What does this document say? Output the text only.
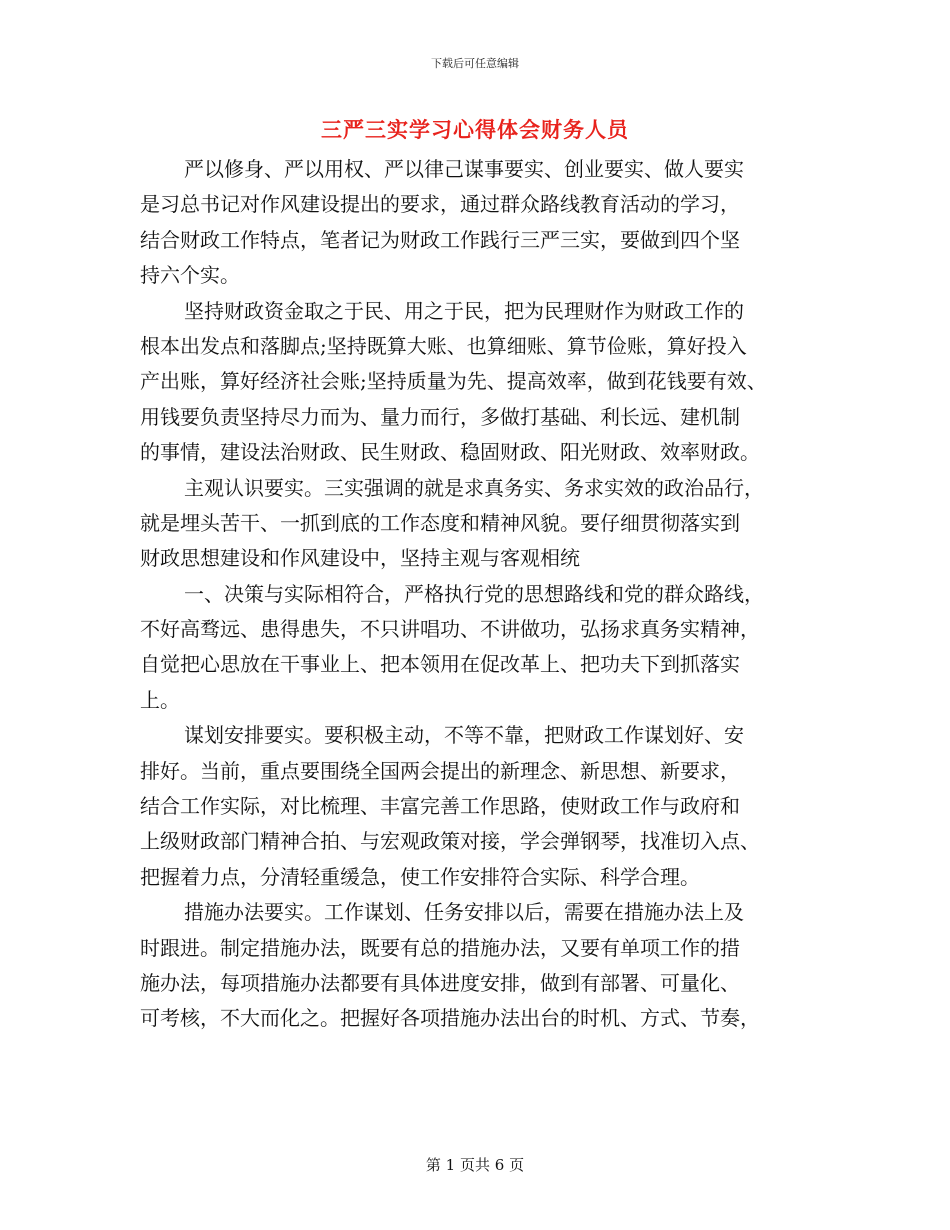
下载后可任意编辑
三严三实学习心得体会财务人员
严以修身、严以用权、严以律己谋事要实、创业要实、做人要实
是习总书记对作风建设提出的要求，通过群众路线教育活动的学习，
结合财政工作特点，笔者记为财政工作践行三严三实，要做到四个坚
持六个实。
坚持财政资金取之于民、用之于民，把为民理财作为财政工作的
根本出发点和落脚点;坚持既算大账、也算细账、算节俭账，算好投入
产出账，算好经济社会账;坚持质量为先、提高效率，做到花钱要有效、
用钱要负责坚持尽力而为、量力而行，多做打基础、利长远、建机制
的事情，建设法治财政、民生财政、稳固财政、阳光财政、效率财政。
主观认识要实。三实强调的就是求真务实、务求实效的政治品行，
就是埋头苦干、一抓到底的工作态度和精神风貌。要仔细贯彻落实到
财政思想建设和作风建设中，坚持主观与客观相统
一、决策与实际相符合，严格执行党的思想路线和党的群众路线，
不好高骛远、患得患失，不只讲唱功、不讲做功，弘扬求真务实精神，
自觉把心思放在干事业上、把本领用在促改革上、把功夫下到抓落实
上。
谋划安排要实。要积极主动，不等不靠，把财政工作谋划好、安
排好。当前，重点要围绕全国两会提出的新理念、新思想、新要求，
结合工作实际，对比梳理、丰富完善工作思路，使财政工作与政府和
上级财政部门精神合拍、与宏观政策对接，学会弹钢琴，找准切入点、
把握着力点，分清轻重缓急，使工作安排符合实际、科学合理。
措施办法要实。工作谋划、任务安排以后，需要在措施办法上及
时跟进。制定措施办法，既要有总的措施办法，又要有单项工作的措
施办法，每项措施办法都要有具体进度安排，做到有部署、可量化、
可考核，不大而化之。把握好各项措施办法出台的时机、方式、节奏，
第 1 页共 6 页
